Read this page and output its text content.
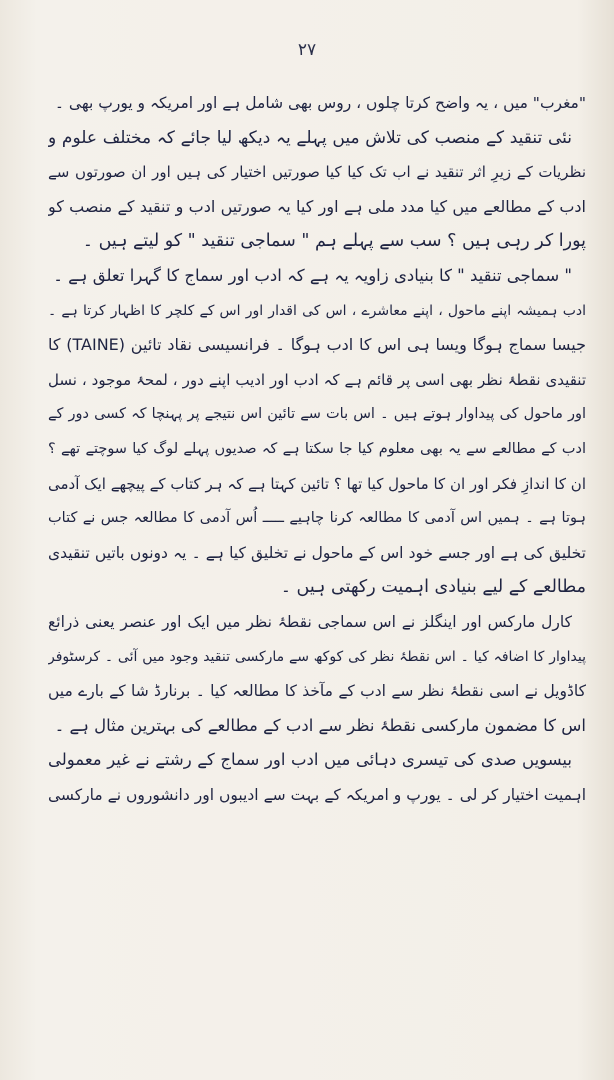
۲۷
"مغرب" میں ، یہ واضح کرتا چلوں ، روس بھی شامل ہے اور امریکہ و یورپ بھی ۔
نئی تنقید کے منصب کی تلاش میں پہلے یہ دیکھ لیا جائے کہ مختلف علوم و
نظریات کے زیرِ اثر تنقید نے اب تک کیا کیا صورتیں اختیار کی ہیں اور ان صورتوں سے
ادب کے مطالعے میں کیا مدد ملی ہے اور کیا یہ صورتیں ادب و تنقید کے منصب کو
پورا کر رہی ہیں ؟ سب سے پہلے ہم " سماجی تنقید " کو لیتے ہیں ۔
" سماجی تنقید " کا بنیادی زاویہ یہ ہے کہ ادب اور سماج کا گہرا تعلق ہے ۔
ادب ہمیشہ اپنے ماحول ، اپنے معاشرے ، اس کی اقدار اور اس کے کلچر کا اظہار کرتا ہے ۔
جیسا سماج ہوگا ویسا ہی اس کا ادب ہوگا ۔ فرانسیسی نقاد تائین (TAINE) کا
تنقیدی نقطۂ نظر بھی اسی پر قائم ہے کہ ادب اور ادیب اپنے دور ، لمحۂ موجود ، نسل
اور ماحول کی پیداوار ہوتے ہیں ۔ اس بات سے تائین اس نتیجے پر پہنچا کہ کسی دور کے
ادب کے مطالعے سے یہ بھی معلوم کیا جا سکتا ہے کہ صدیوں پہلے لوگ کیا سوچتے تھے ؟
ان کا اندازِ فکر اور ان کا ماحول کیا تھا ؟ تائین کہتا ہے کہ ہر کتاب کے پیچھے ایک آدمی
ہوتا ہے ۔ ہمیں اس آدمی کا مطالعہ کرنا چاہیے ـــــ اُس آدمی کا مطالعہ جس نے کتاب
تخلیق کی ہے اور جسے خود اس کے ماحول نے تخلیق کیا ہے ۔ یہ دونوں باتیں تنقیدی
مطالعے کے لیے بنیادی اہمیت رکھتی ہیں ۔
کارل مارکس اور اینگلز نے اس سماجی نقطۂ نظر میں ایک اور عنصر یعنی ذرائع
پیداوار کا اضافہ کیا ۔ اس نقطۂ نظر کی کوکھ سے مارکسی تنقید وجود میں آئی ۔ کرسٹوفر
کاڈویل نے اسی نقطۂ نظر سے ادب کے مآخذ کا مطالعہ کیا ۔ برنارڈ شا کے بارے میں
اس کا مضمون مارکسی نقطۂ نظر سے ادب کے مطالعے کی بہترین مثال ہے ۔
بیسویں صدی کی تیسری دہائی میں ادب اور سماج کے رشتے نے غیر معمولی
اہمیت اختیار کر لی ۔ یورپ و امریکہ کے بہت سے ادیبوں اور دانشوروں نے مارکسی
